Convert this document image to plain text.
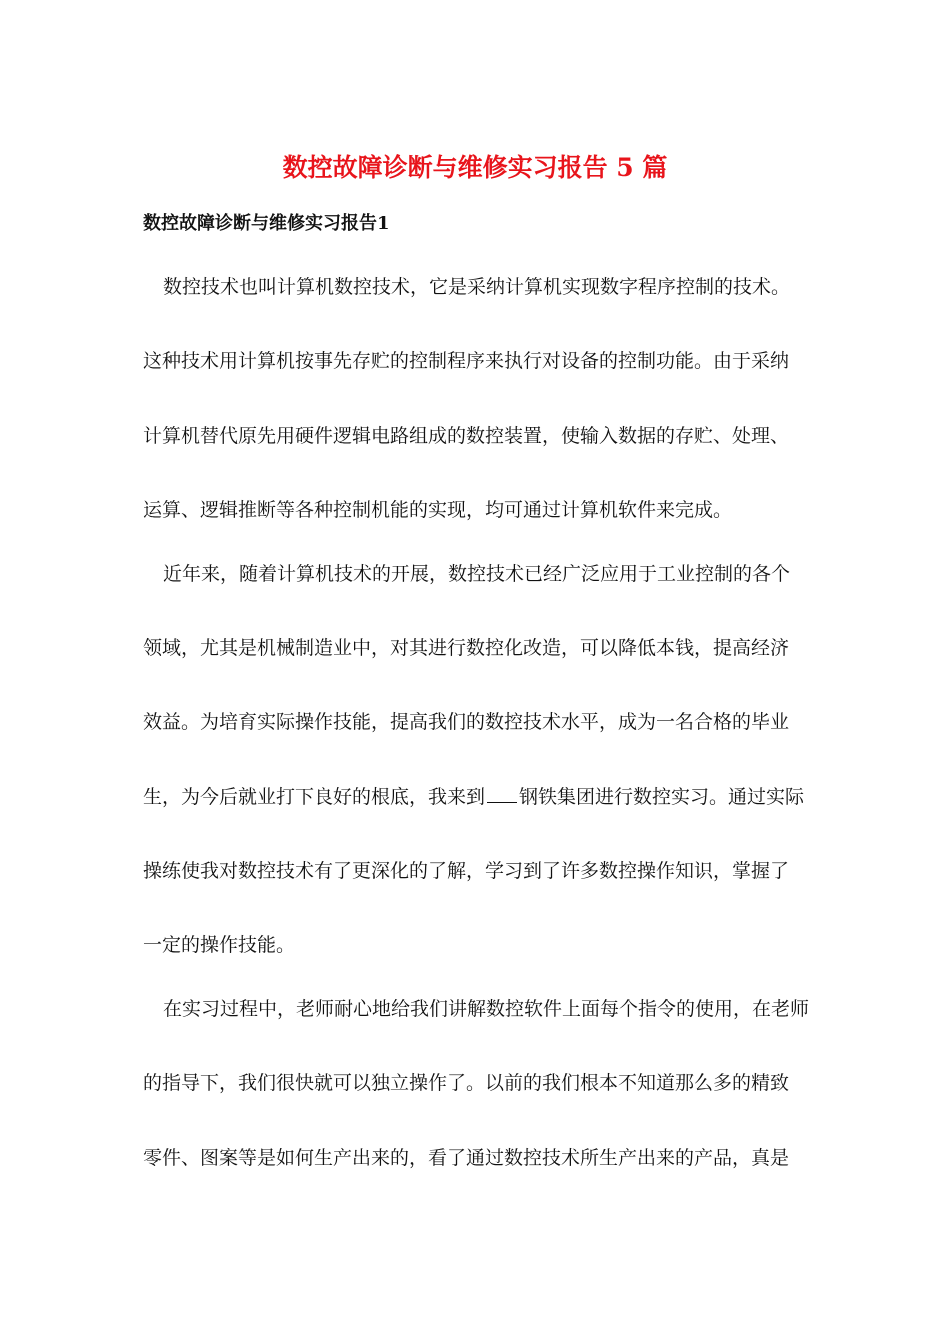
数控故障诊断与维修实习报告 5 篇
数控故障诊断与维修实习报告1

数控技术也叫计算机数控技术，它是采纳计算机实现数字程序控制的技术。

这种技术用计算机按事先存贮的控制程序来执行对设备的控制功能。由于采纳

计算机替代原先用硬件逻辑电路组成的数控装置，使输入数据的存贮、处理、

运算、逻辑推断等各种控制机能的实现，均可通过计算机软件来完成。

近年来，随着计算机技术的开展，数控技术已经广泛应用于工业控制的各个

领域，尤其是机械制造业中，对其进行数控化改造，可以降低本钱，提高经济

效益。为培育实际操作技能，提高我们的数控技术水平，成为一名合格的毕业

生，为今后就业打下良好的根底，我来到 钢铁集团进行数控实习。通过实际

操练使我对数控技术有了更深化的了解，学习到了许多数控操作知识，掌握了

一定的操作技能。

在实习过程中，老师耐心地给我们讲解数控软件上面每个指令的使用，在老师

的指导下，我们很快就可以独立操作了。以前的我们根本不知道那么多的精致

零件、图案等是如何生产出来的，看了通过数控技术所生产出来的产品，真是
